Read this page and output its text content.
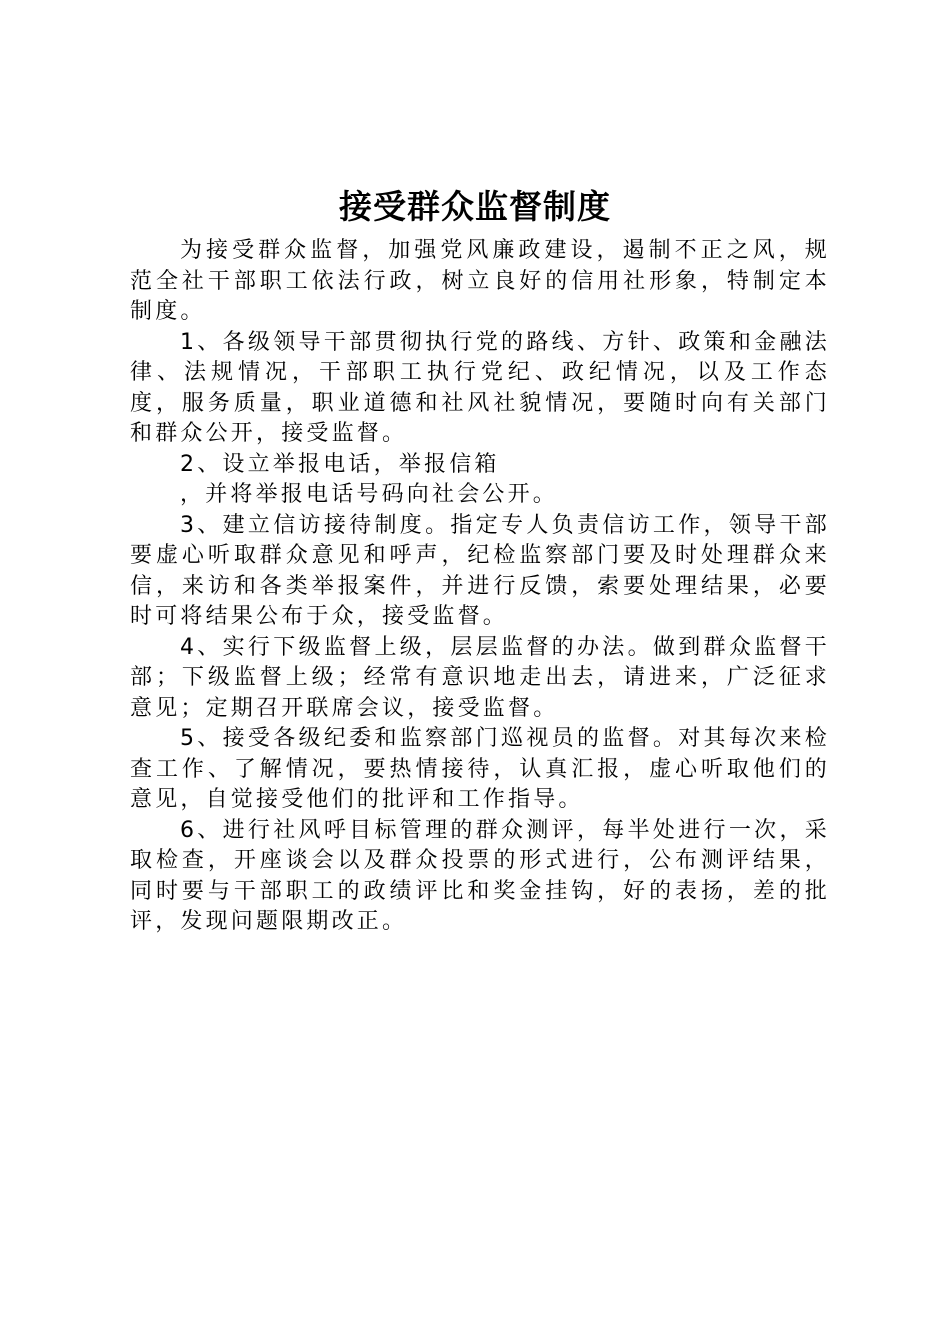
接受群众监督制度

为接受群众监督，加强党风廉政建设，遏制不正之风，规范全社干部职工依法行政，树立良好的信用社形象，特制定本制度。

1、各级领导干部贯彻执行党的路线、方针、政策和金融法律、法规情况，干部职工执行党纪、政纪情况，以及工作态度，服务质量，职业道德和社风社貌情况，要随时向有关部门和群众公开，接受监督。

2、设立举报电话，举报信箱

，并将举报电话号码向社会公开。

3、建立信访接待制度。指定专人负责信访工作，领导干部要虚心听取群众意见和呼声，纪检监察部门要及时处理群众来信，来访和各类举报案件，并进行反馈，索要处理结果，必要时可将结果公布于众，接受监督。

4、实行下级监督上级，层层监督的办法。做到群众监督干部；下级监督上级；经常有意识地走出去，请进来，广泛征求意见；定期召开联席会议，接受监督。

5、接受各级纪委和监察部门巡视员的监督。对其每次来检查工作、了解情况，要热情接待，认真汇报，虚心听取他们的意见，自觉接受他们的批评和工作指导。

6、进行社风呼目标管理的群众测评，每半处进行一次，采取检查，开座谈会以及群众投票的形式进行，公布测评结果，同时要与干部职工的政绩评比和奖金挂钩，好的表扬，差的批评，发现问题限期改正。
